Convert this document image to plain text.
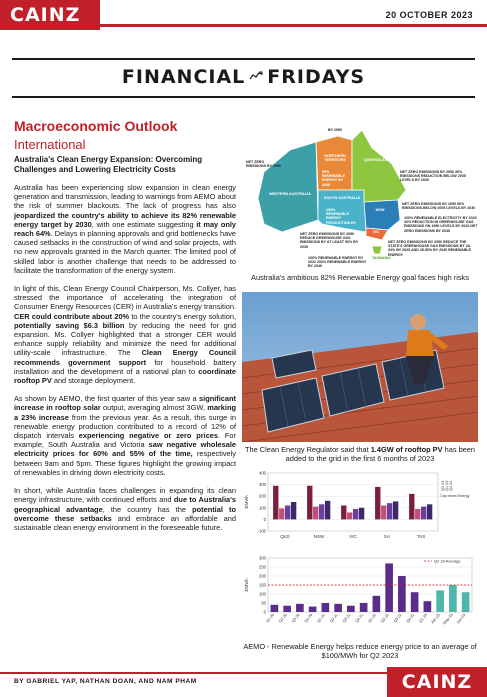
CAINZ	20 OCTOBER 2023
FINANCIAL FRIDAYS
Macroeconomic Outlook
International
Australia's Clean Energy Expansion: Overcoming Challenges and Lowering Electricity Costs
Australia has been experiencing slow expansion in clean energy generation and transmission, leading to warnings from AEMO about the risk of summer blackouts. The lack of progress has also jeopardized the country's ability to achieve its 82% renewable energy target by 2030, with one estimate suggesting it may only reach 64%. Delays in planning approvals and grid bottlenecks have caused setbacks in the construction of wind and solar projects, with no new approvals granted in the March quarter. The limited pool of skilled labor is another challenge that needs to be addressed to facilitate the transformation of the energy system.
In light of this, Clean Energy Council Chairperson, Ms. Collyer, has stressed the importance of accelerating the integration of Consumer Energy Resources (CER) in Australia's energy transition. CER could contribute about 20% to the country's energy solution, potentially saving $6.3 billion by reducing the need for grid expansion. Ms. Collyer highlighted that a stronger CER would enhance supply reliability and minimize the need for additional utility-scale infrastructure. The Clean Energy Council recommends government support for household battery installation and the development of a national plan to coordinate rooftop PV and storage deployment.
As shown by AEMO, the first quarter of this year saw a significant increase in rooftop solar output, averaging almost 3GW, marking a 23% increase from the previous year. As a result, this surge in renewable energy production contributed to a record of 12% of dispatch intervals experiencing negative or zero prices. For example, South Australia and Victoria saw negative wholesale electricity prices for 60% and 55% of the time, respectively between 9am and 5pm. These figures highlight the growing impact of renewables in driving down electricity costs.
In short, while Australia faces challenges in expanding its clean energy infrastructure, with continued efforts and due to Australia's geographical advantage, the country has the potential to overcome these setbacks and embrace an affordable and sustainable clean energy environment in the foreseeable future.
WESTERN AUSTRALIA
NORTHERN TERRITORY
SOUTH AUSTRALIA
QUEENSLAND
NSW
VIC
TASMANIA
NET ZERO EMISSIONS BY 2050
BY 2050
50% RENEWABLE ENERGY BY 2030
100% RENEWABLE ENERGY PRODUCTION BY 2030
NET ZERO EMISSIONS BY 2050 30% EMISSIONS REDUCTION BELOW 2005 LEVELS BY 2030
NET ZERO EMISSIONS BY 2050 50% EMISSIONS BELOW 2005 LEVELS BY 2030
100% RENEWABLE ELECTRICITY BY 2020 40% REDUCTION IN GREENHOUSE GAS EMISSIONS ON 1990 LEVELS BY 2020 NET ZERO EMISSIONS BY 2045
NET ZERO EMISSIONS BY 2050 REDUCE GREENHOUSE GAS EMISSIONS BY AT LEAST 50% BY 2030
NET ZERO EMISSIONS BY 2050 REDUCE THE STATE'S GREENHOUSE GAS EMISSIONS BY 28-33% BY 2025 AND 45-50% BY 2030 RENEWABLE ENERGY
100% RENEWABLE ENERGY BY 2022 200% RENEWABLE ENERGY BY 2040
Australia's ambitious 82% Renewable Energy goal faces high risks
The Clean Energy Regulator said that 1.4GW of rooftop PV has been added to the grid in the first 6 months of 2023
-100
0
100
200
300
400
$/MWh
QLD	NSW	VIC	SA	TAS
Q2 23 Q1 23 Q4 22
Cap return Energy

0
50
100
150
200
250
300
$/MWh
Q1 20 Q2 20 Q3 20 Q4 20 Q1 21 Q2 21 Q3 21 Q4 21 Q1 22 Q2 22 Q3 22 Q4 22 Q1 23 Apr-23 May-23 Jun-23
Q2 23 Average
AEMO - Renewable Energy helps reduce energy price to an average of $100/MWh for Q2 2023
BY GABRIEL YAP, NATHAN DOAN, AND NAM PHAM	CAINZ
